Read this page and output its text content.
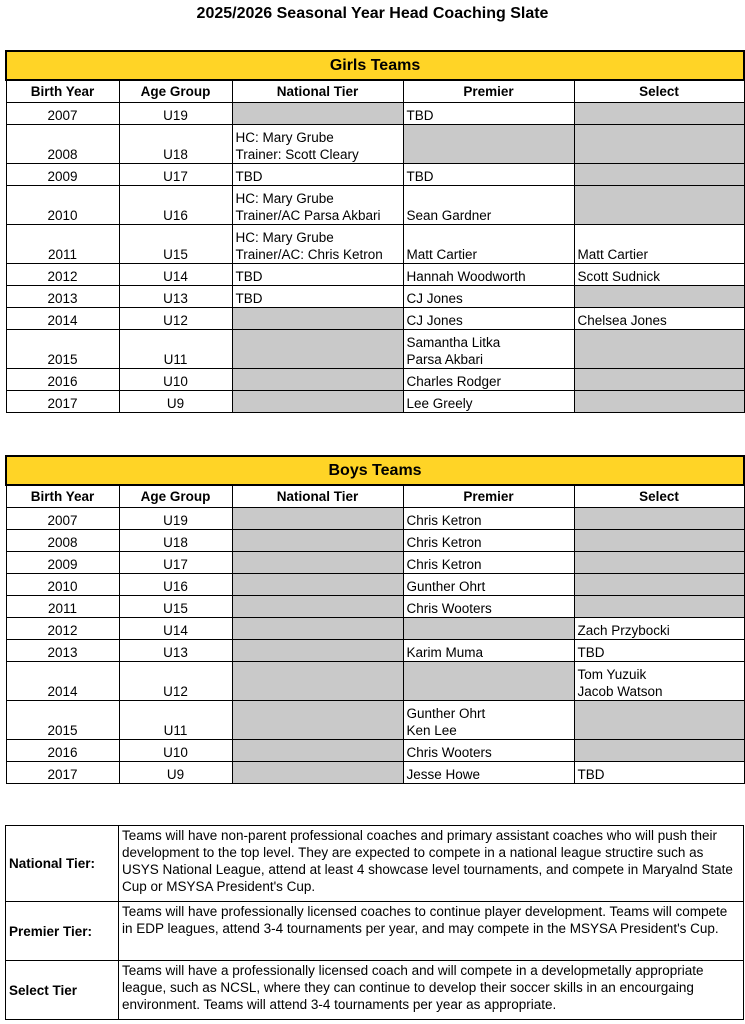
2025/2026 Seasonal Year Head Coaching Slate
Girls Teams				
Birth Year	Age Group	National Tier	Premier	Select
2007	U19		TBD	

2008	U18	HC: Mary Grube
Trainer: Scott Cleary		

2009	U17	TBD	TBD	

2010	U16	HC: Mary Grube
Trainer/AC Parsa Akbari	Sean Gardner	

2011	U15	HC: Mary Grube
Trainer/AC: Chris Ketron	Matt Cartier	Matt Cartier

2012	U14	TBD	Hannah Woodworth	Scott Sudnick

2013	U13	TBD	CJ Jones	

2014	U12		CJ Jones	Chelsea Jones

2015	U11		Samantha Litka
Parsa Akbari	

2016	U10		Charles Rodger	

2017	U9		Lee Greely	

Boys Teams				
Birth Year	Age Group	National Tier	Premier	Select
2007	U19		Chris Ketron	

2008	U18		Chris Ketron	

2009	U17		Chris Ketron	

2010	U16		Gunther Ohrt	

2011	U15		Chris Wooters	

2012	U14			Zach Przybocki

2013	U13		Karim Muma	TBD

2014	U12			Tom Yuzuik
Jacob Watson

2015	U11		Gunther Ohrt
Ken Lee	

2016	U10		Chris Wooters	

2017	U9		Jesse Howe	TBD
National Tier:	Teams will have non-parent professional coaches and primary assistant coaches who will push their development to the top level. They are expected to compete in a national league structire such as USYS National League, attend at least 4 showcase level tournaments, and compete in Maryalnd State Cup or MSYSA President's Cup.
Premier Tier:	Teams will have professionally licensed coaches to continue player development. Teams will compete in EDP leagues, attend 3-4 tournaments per year, and may compete in the MSYSA President's Cup.
Select Tier	Teams will have a professionally licensed coach and will compete in a developmetally appropriate league, such as NCSL, where they can continue to develop their soccer skills in an encourgaing environment. Teams will attend 3-4 tournaments per year as appropriate.
